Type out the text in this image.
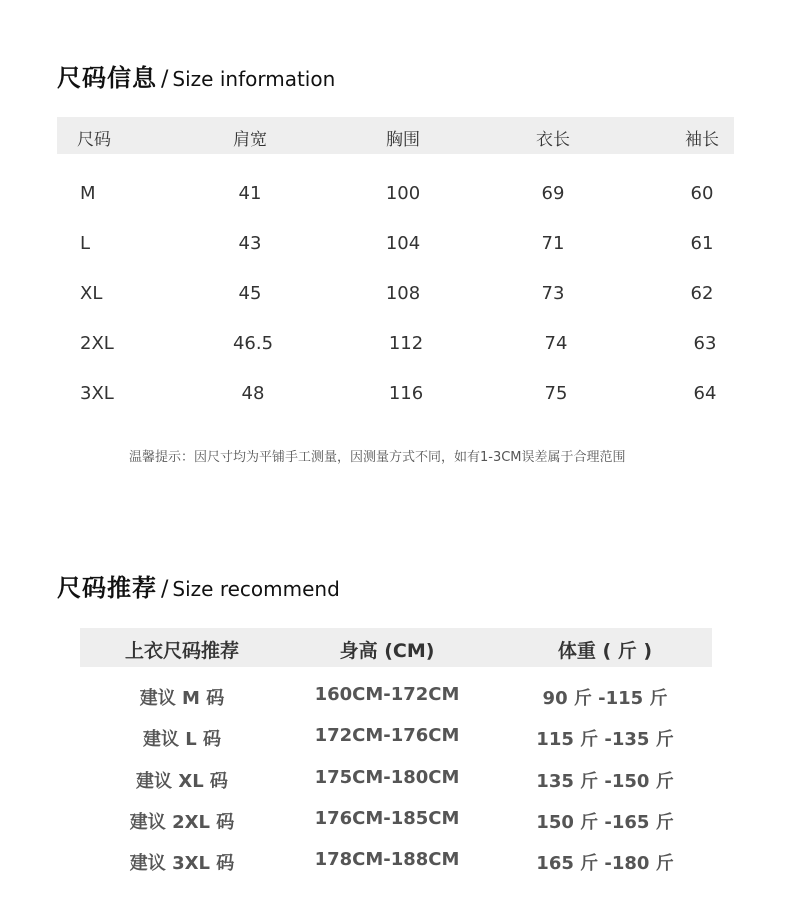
尺码信息 / Size information
尺码	肩宽	胸围	衣长	袖长
M	41	100	69	60
L	43	104	71	61
XL	45	108	73	62
2XL	46.5	112	74	63
3XL	48	116	75	64
温馨提示：因尺寸均为平铺手工测量，因测量方式不同，如有1-3CM误差属于合理范围
尺码推荐 / Size recommend
上衣尺码推荐	身高 (CM)	体重 ( 斤 )
建议 M 码	160CM-172CM	90 斤 -115 斤
建议 L 码	172CM-176CM	115 斤 -135 斤
建议 XL 码	175CM-180CM	135 斤 -150 斤
建议 2XL 码	176CM-185CM	150 斤 -165 斤
建议 3XL 码	178CM-188CM	165 斤 -180 斤
